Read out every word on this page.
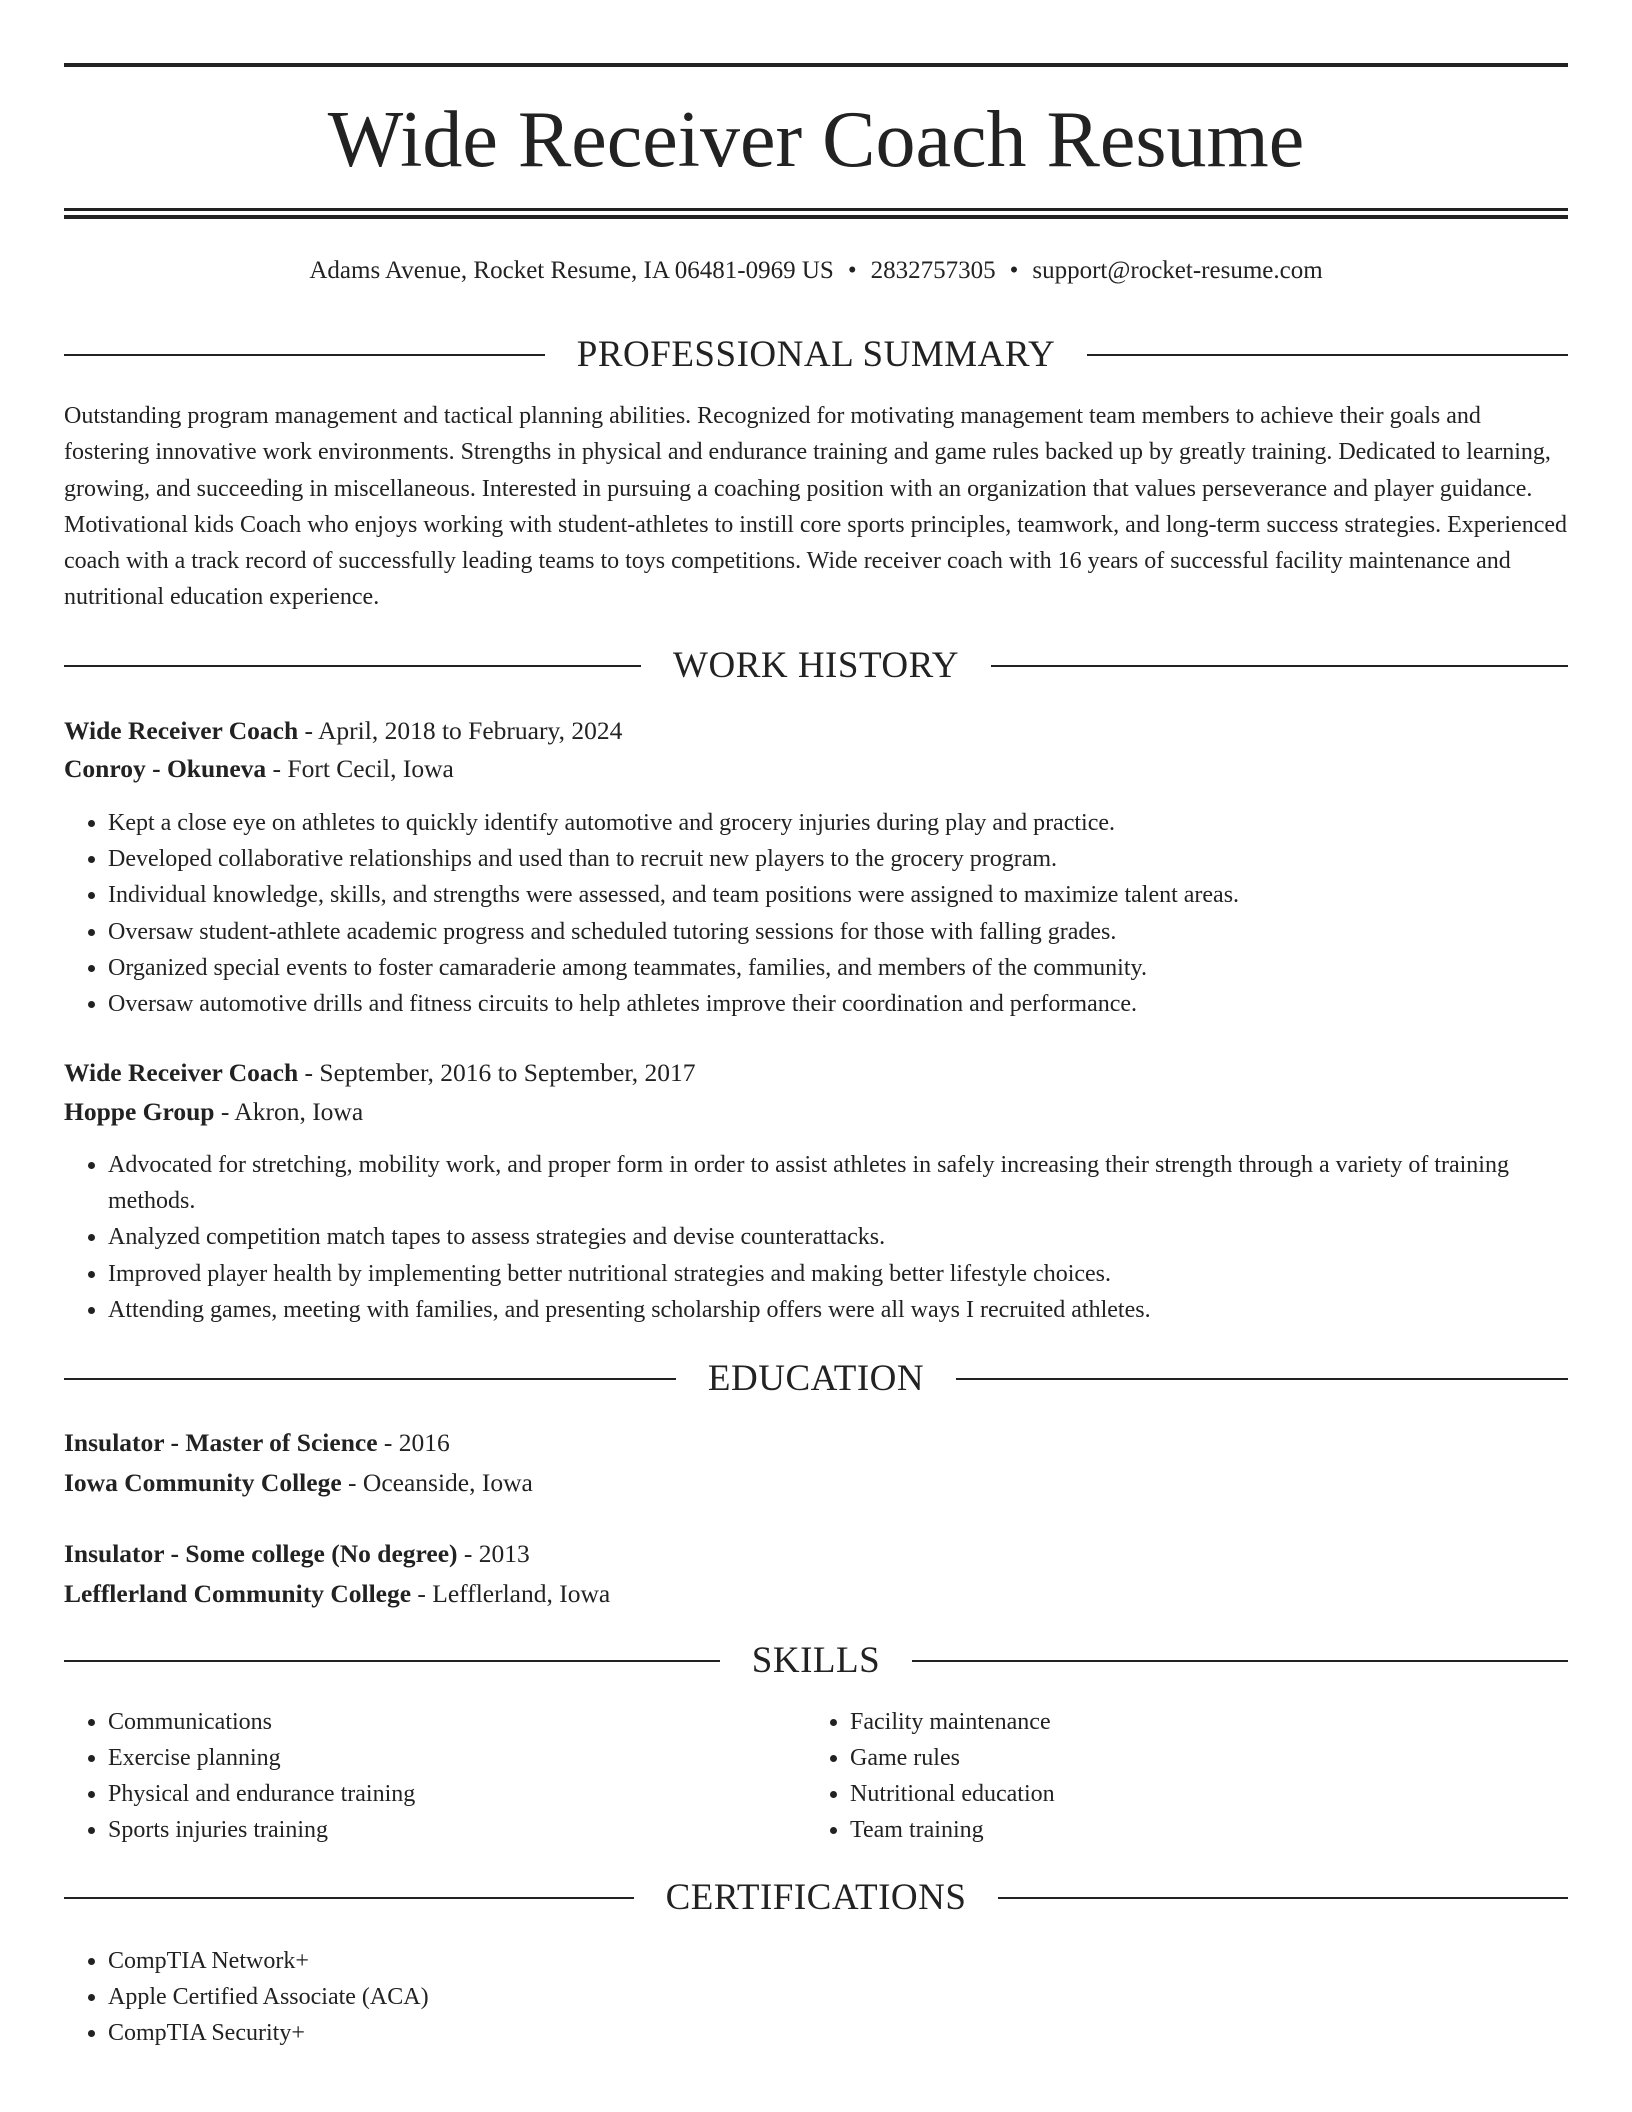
Wide Receiver Coach Resume
Adams Avenue, Rocket Resume, IA 06481-0969 US • 2832757305 • support@rocket-resume.com
PROFESSIONAL SUMMARY

Outstanding program management and tactical planning abilities. Recognized for motivating management team members to achieve their goals and fostering innovative work environments. Strengths in physical and endurance training and game rules backed up by greatly training. Dedicated to learning, growing, and succeeding in miscellaneous. Interested in pursuing a coaching position with an organization that values perseverance and player guidance. Motivational kids Coach who enjoys working with student-athletes to instill core sports principles, teamwork, and long-term success strategies. Experienced coach with a track record of successfully leading teams to toys competitions. Wide receiver coach with 16 years of successful facility maintenance and nutritional education experience.

WORK HISTORY
Wide Receiver Coach - April, 2018 to February, 2024
Conroy - Okuneva - Fort Cecil, Iowa
• Kept a close eye on athletes to quickly identify automotive and grocery injuries during play and practice.
• Developed collaborative relationships and used than to recruit new players to the grocery program.
• Individual knowledge, skills, and strengths were assessed, and team positions were assigned to maximize talent areas.
• Oversaw student-athlete academic progress and scheduled tutoring sessions for those with falling grades.
• Organized special events to foster camaraderie among teammates, families, and members of the community.
• Oversaw automotive drills and fitness circuits to help athletes improve their coordination and performance.
Wide Receiver Coach - September, 2016 to September, 2017
Hoppe Group - Akron, Iowa
• Advocated for stretching, mobility work, and proper form in order to assist athletes in safely increasing their strength through a variety of training methods.
• Analyzed competition match tapes to assess strategies and devise counterattacks.
• Improved player health by implementing better nutritional strategies and making better lifestyle choices.
• Attending games, meeting with families, and presenting scholarship offers were all ways I recruited athletes.
EDUCATION
Insulator - Master of Science - 2016
Iowa Community College - Oceanside, Iowa
Insulator - Some college (No degree) - 2013
Lefflerland Community College - Lefflerland, Iowa
SKILLS
• Communications
• Exercise planning
• Physical and endurance training
• Sports injuries training
• Facility maintenance
• Game rules
• Nutritional education
• Team training
CERTIFICATIONS
• CompTIA Network+
• Apple Certified Associate (ACA)
• CompTIA Security+
